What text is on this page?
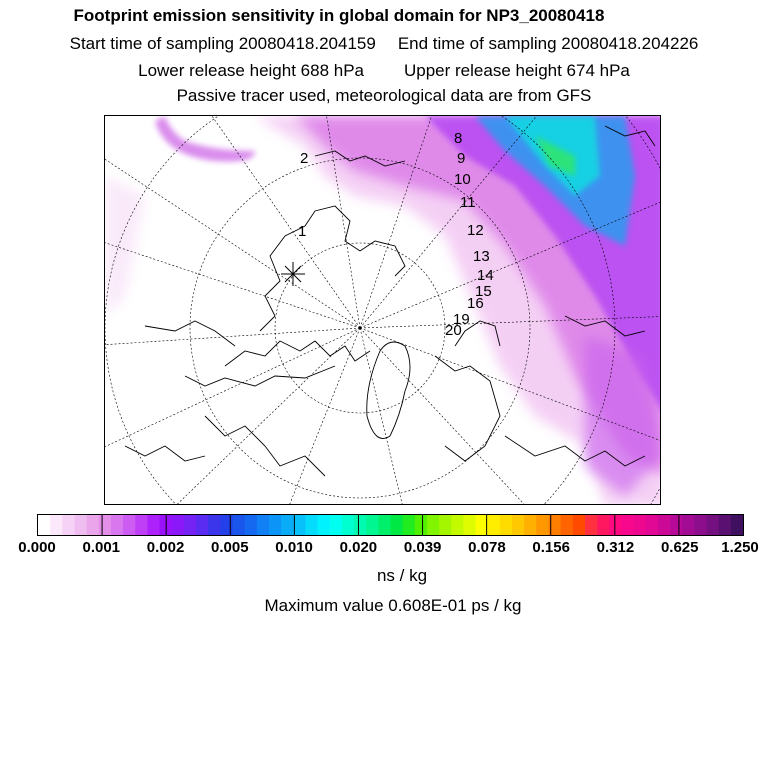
Footprint emission sensitivity in global domain for NP3_20080418
Start time of sampling 20080418.204159 End time of sampling 20080418.204226
Lower release height 688 hPa Upper release height 674 hPa
Passive tracer used, meteorological data are from GFS
1
2
8
9
10
11
12
13
14
15
16
19
20
0.000 0.001 0.002 0.005 0.010 0.020 0.039 0.078 0.156 0.312 0.625 1.250
ns / kg
Maximum value 0.608E-01 ps / kg
